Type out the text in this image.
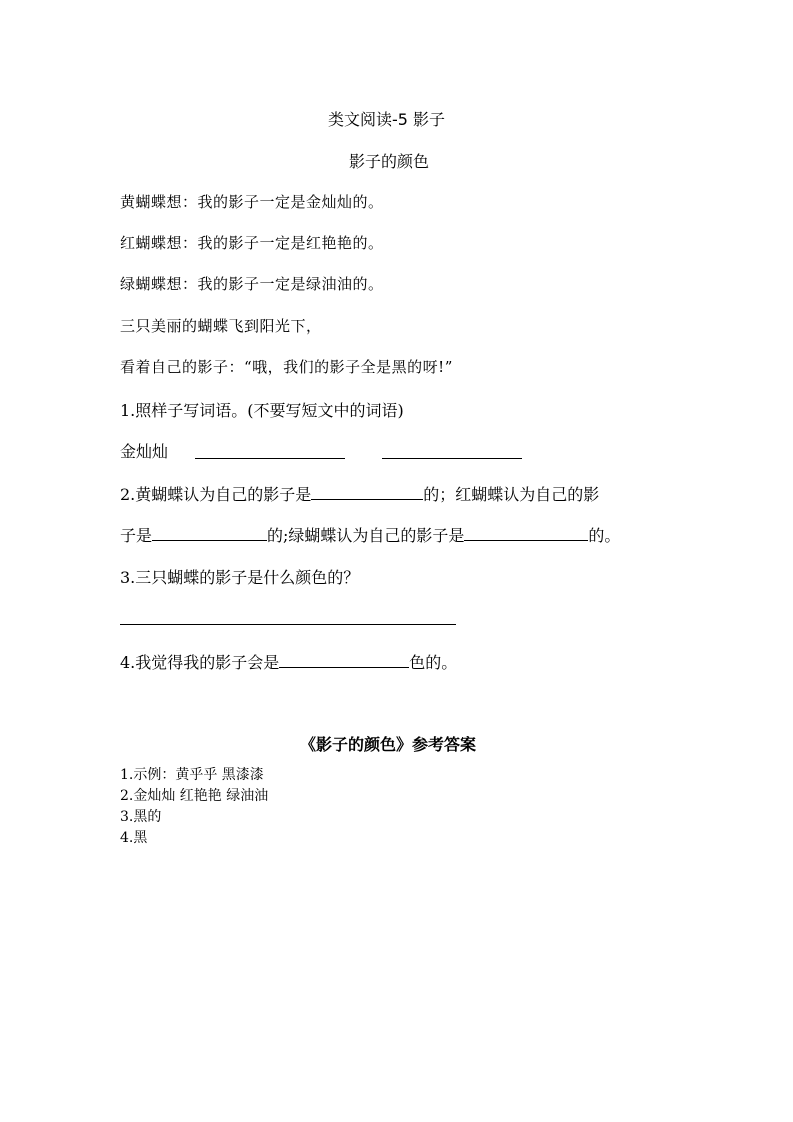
类文阅读-5 影子
影子的颜色
黄蝴蝶想：我的影子一定是金灿灿的。
红蝴蝶想：我的影子一定是红艳艳的。
绿蝴蝶想：我的影子一定是绿油油的。
三只美丽的蝴蝶飞到阳光下，
看着自己的影子：“哦，我们的影子全是黑的呀!”
1.照样子写词语。(不要写短文中的词语)
金灿灿
2.黄蝴蝶认为自己的影子是	的；红蝴蝶认为自己的影
子是	的;绿蝴蝶认为自己的影子是	的。
3.三只蝴蝶的影子是什么颜色的？
4.我觉得我的影子会是	色的。
《影子的颜色》参考答案
1.示例：黄乎乎 黑漆漆
2.金灿灿 红艳艳 绿油油
3.黑的
4.黑
